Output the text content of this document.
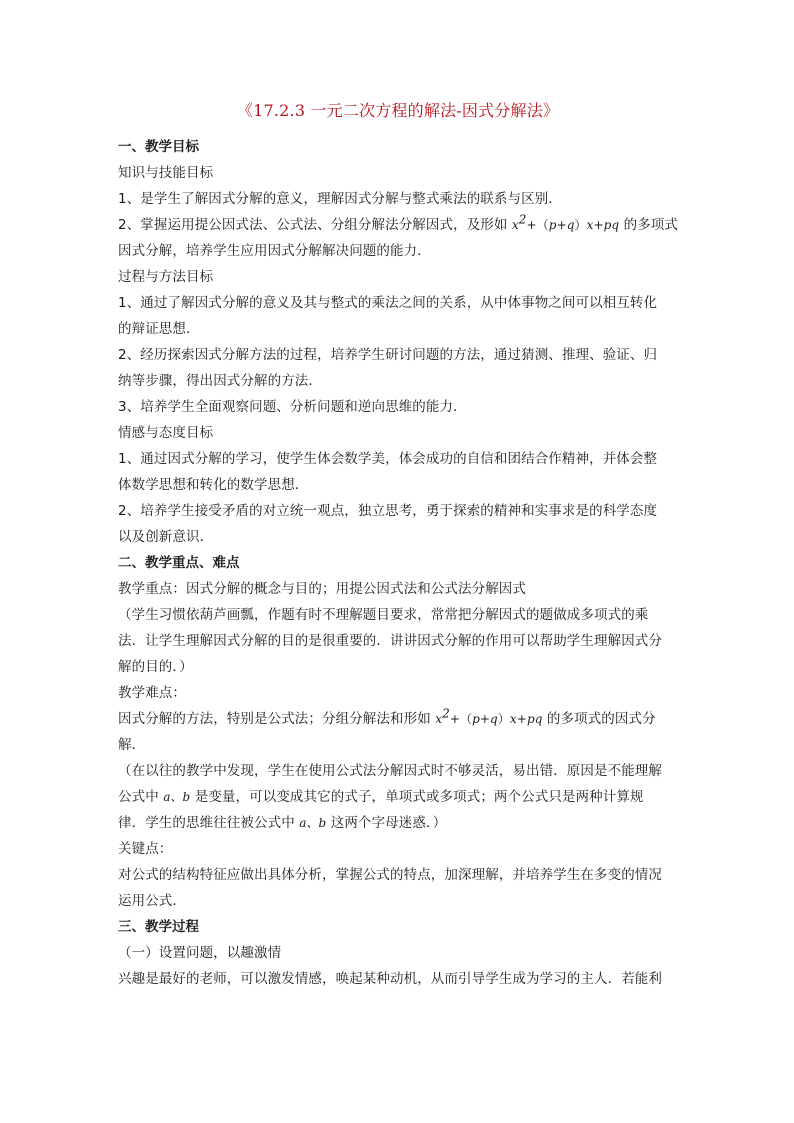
《17.2.3 一元二次方程的解法-因式分解法》
一、教学目标
知识与技能目标
1、是学生了解因式分解的意义，理解因式分解与整式乘法的联系与区别．
2、掌握运用提公因式法、公式法、分组分解法分解因式，及形如 $x^2+(p+q)x+pq$ 的多项式
因式分解，培养学生应用因式分解解决问题的能力．
过程与方法目标
1、通过了解因式分解的意义及其与整式的乘法之间的关系，从中体事物之间可以相互转化
的辩证思想．
2、经历探索因式分解方法的过程，培养学生研讨问题的方法，通过猜测、推理、验证、归
纳等步骤，得出因式分解的方法．
3、培养学生全面观察问题、分析问题和逆向思维的能力．
情感与态度目标
1、通过因式分解的学习，使学生体会数学美，体会成功的自信和团结合作精神，并体会整
体数学思想和转化的数学思想．
2、培养学生接受矛盾的对立统一观点，独立思考，勇于探索的精神和实事求是的科学态度
以及创新意识．
二、教学重点、难点
教学重点：因式分解的概念与目的；用提公因式法和公式法分解因式
（学生习惯依葫芦画瓢，作题有时不理解题目要求，常常把分解因式的题做成多项式的乘
法．让学生理解因式分解的目的是很重要的．讲讲因式分解的作用可以帮助学生理解因式分
解的目的．）
教学难点：
因式分解的方法，特别是公式法；分组分解法和形如 $x^2+(p+q)x+pq$ 的多项式的因式分
解．
（在以往的教学中发现，学生在使用公式法分解因式时不够灵活，易出错．原因是不能理解
公式中 a、b 是变量，可以变成其它的式子，单项式或多项式；两个公式只是两种计算规
律．学生的思维往往被公式中 a、b 这两个字母迷惑．）
关键点：
对公式的结构特征应做出具体分析，掌握公式的特点，加深理解，并培养学生在多变的情况
运用公式．
三、教学过程
（一）设置问题，以趣激情
兴趣是最好的老师，可以激发情感，唤起某种动机，从而引导学生成为学习的主人．若能利
